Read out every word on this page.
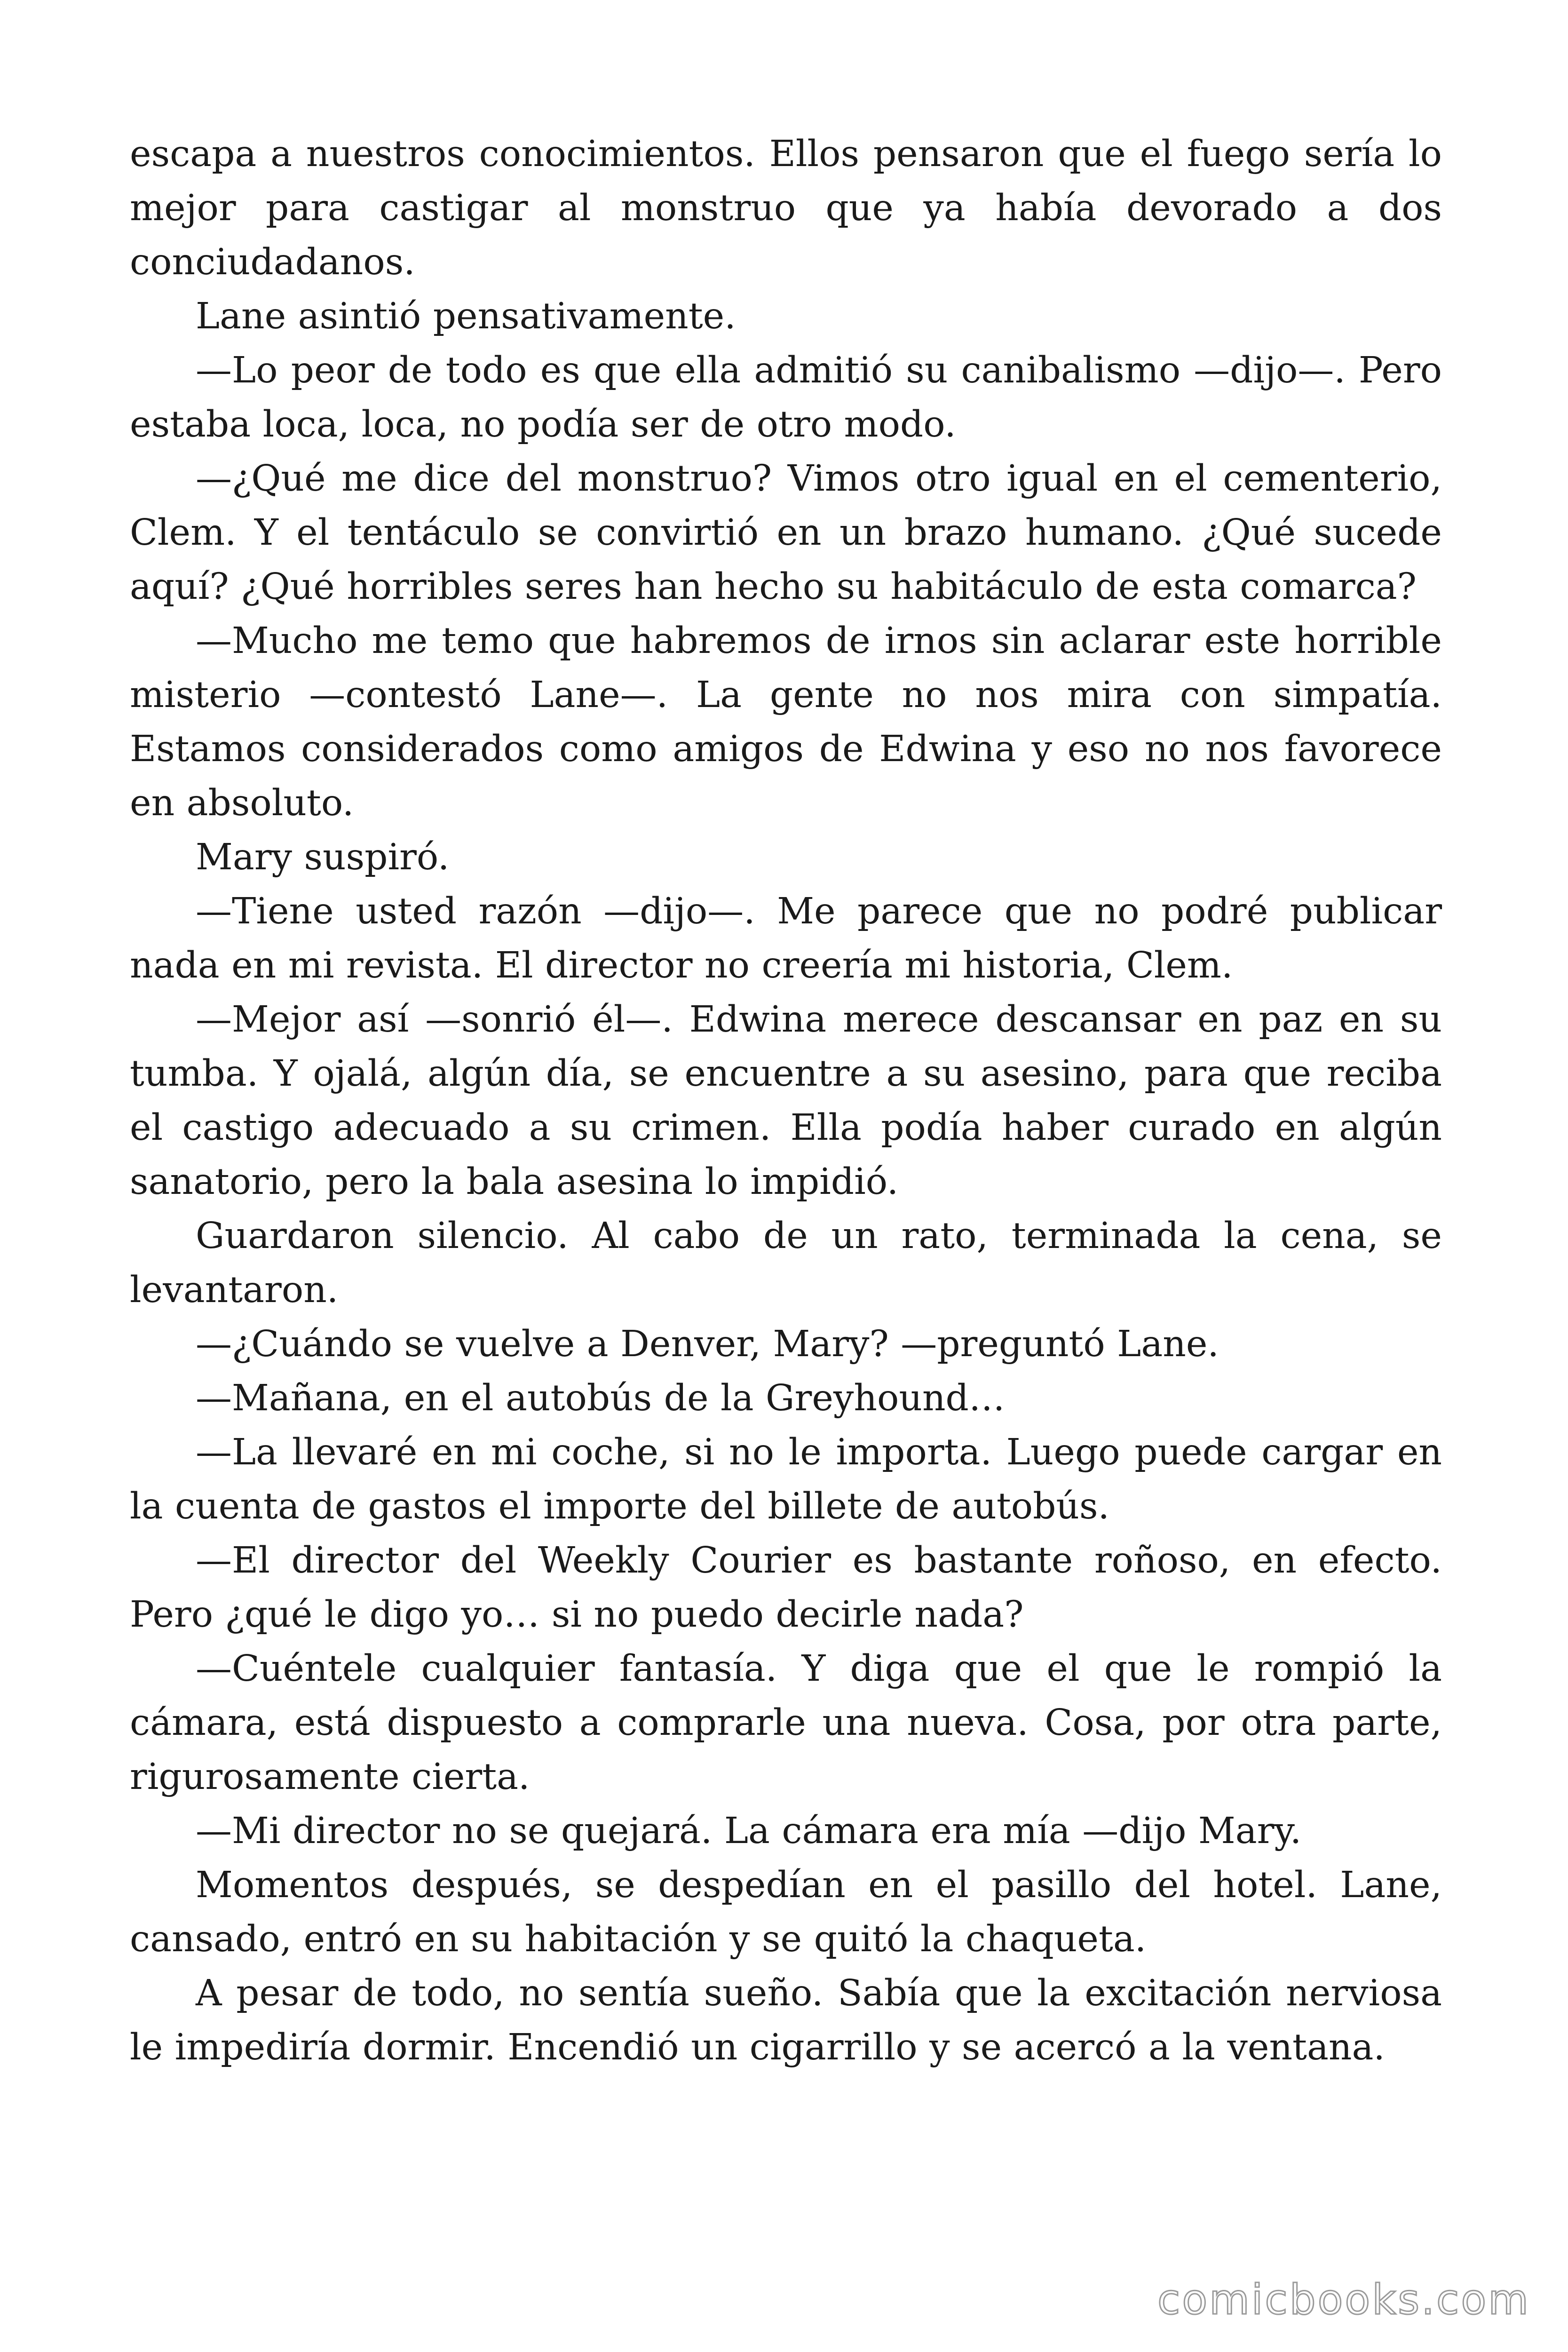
escapa a nuestros conocimientos. Ellos pensaron que el fuego sería lo mejor para castigar al monstruo que ya había devorado a dos conciudadanos.

Lane asintió pensativamente.

—Lo peor de todo es que ella admitió su canibalismo —dijo—. Pero estaba loca, loca, no podía ser de otro modo.

—¿Qué me dice del monstruo? Vimos otro igual en el cementerio, Clem. Y el tentáculo se convirtió en un brazo humano. ¿Qué sucede aquí? ¿Qué horribles seres han hecho su habitáculo de esta comarca?

—Mucho me temo que habremos de irnos sin aclarar este horrible misterio —contestó Lane—. La gente no nos mira con simpatía. Estamos considerados como amigos de Edwina y eso no nos favorece en absoluto.

Mary suspiró.

—Tiene usted razón —dijo—. Me parece que no podré publicar nada en mi revista. El director no creería mi historia, Clem.

—Mejor así —sonrió él—. Edwina merece descansar en paz en su tumba. Y ojalá, algún día, se encuentre a su asesino, para que reciba el castigo adecuado a su crimen. Ella podía haber curado en algún sanatorio, pero la bala asesina lo impidió.

Guardaron silencio. Al cabo de un rato, terminada la cena, se levantaron.

—¿Cuándo se vuelve a Denver, Mary? —preguntó Lane.

—Mañana, en el autobús de la Greyhound…

—La llevaré en mi coche, si no le importa. Luego puede cargar en la cuenta de gastos el importe del billete de autobús.

—El director del Weekly Courier es bastante roñoso, en efecto. Pero ¿qué le digo yo… si no puedo decirle nada?

—Cuéntele cualquier fantasía. Y diga que el que le rompió la cámara, está dispuesto a comprarle una nueva. Cosa, por otra parte, rigurosamente cierta.

—Mi director no se quejará. La cámara era mía —dijo Mary.

Momentos después, se despedían en el pasillo del hotel. Lane, cansado, entró en su habitación y se quitó la chaqueta.

A pesar de todo, no sentía sueño. Sabía que la excitación nerviosa le impediría dormir. Encendió un cigarrillo y se acercó a la ventana.

comicbooks.com
